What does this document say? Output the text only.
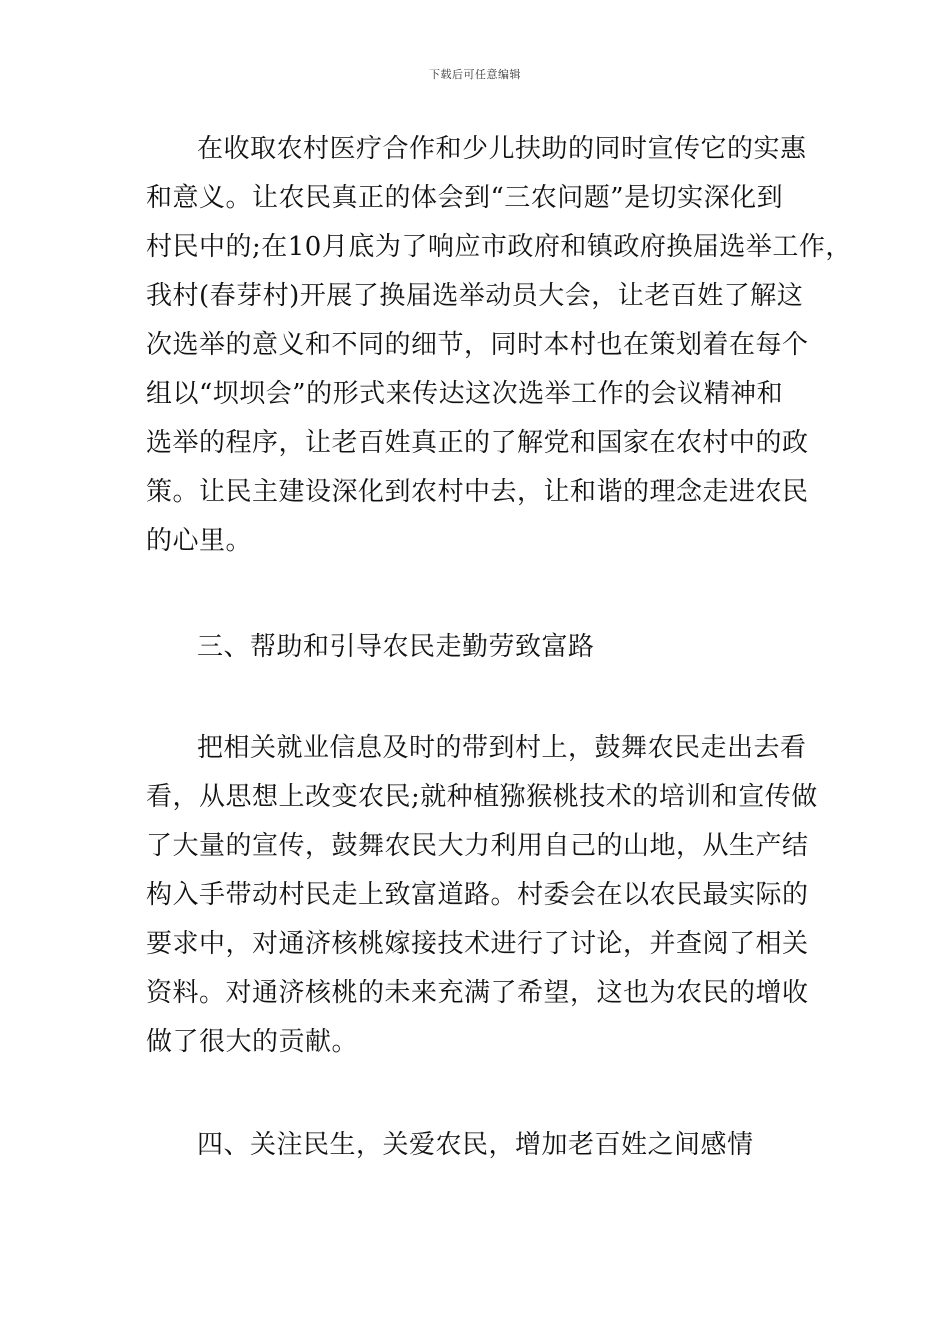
下载后可任意编辑
在收取农村医疗合作和少儿扶助的同时宣传它的实惠
和意义。让农民真正的体会到“三农问题”是切实深化到
村民中的;在10月底为了响应市政府和镇政府换届选举工作，
我村(春芽村)开展了换届选举动员大会，让老百姓了解这
次选举的意义和不同的细节，同时本村也在策划着在每个
组以“坝坝会”的形式来传达这次选举工作的会议精神和
选举的程序，让老百姓真正的了解党和国家在农村中的政
策。让民主建设深化到农村中去，让和谐的理念走进农民
的心里。
三、帮助和引导农民走勤劳致富路
把相关就业信息及时的带到村上，鼓舞农民走出去看
看，从思想上改变农民;就种植猕猴桃技术的培训和宣传做
了大量的宣传，鼓舞农民大力利用自己的山地，从生产结
构入手带动村民走上致富道路。村委会在以农民最实际的
要求中，对通济核桃嫁接技术进行了讨论，并查阅了相关
资料。对通济核桃的未来充满了希望，这也为农民的增收
做了很大的贡献。
四、关注民生，关爱农民，增加老百姓之间感情
